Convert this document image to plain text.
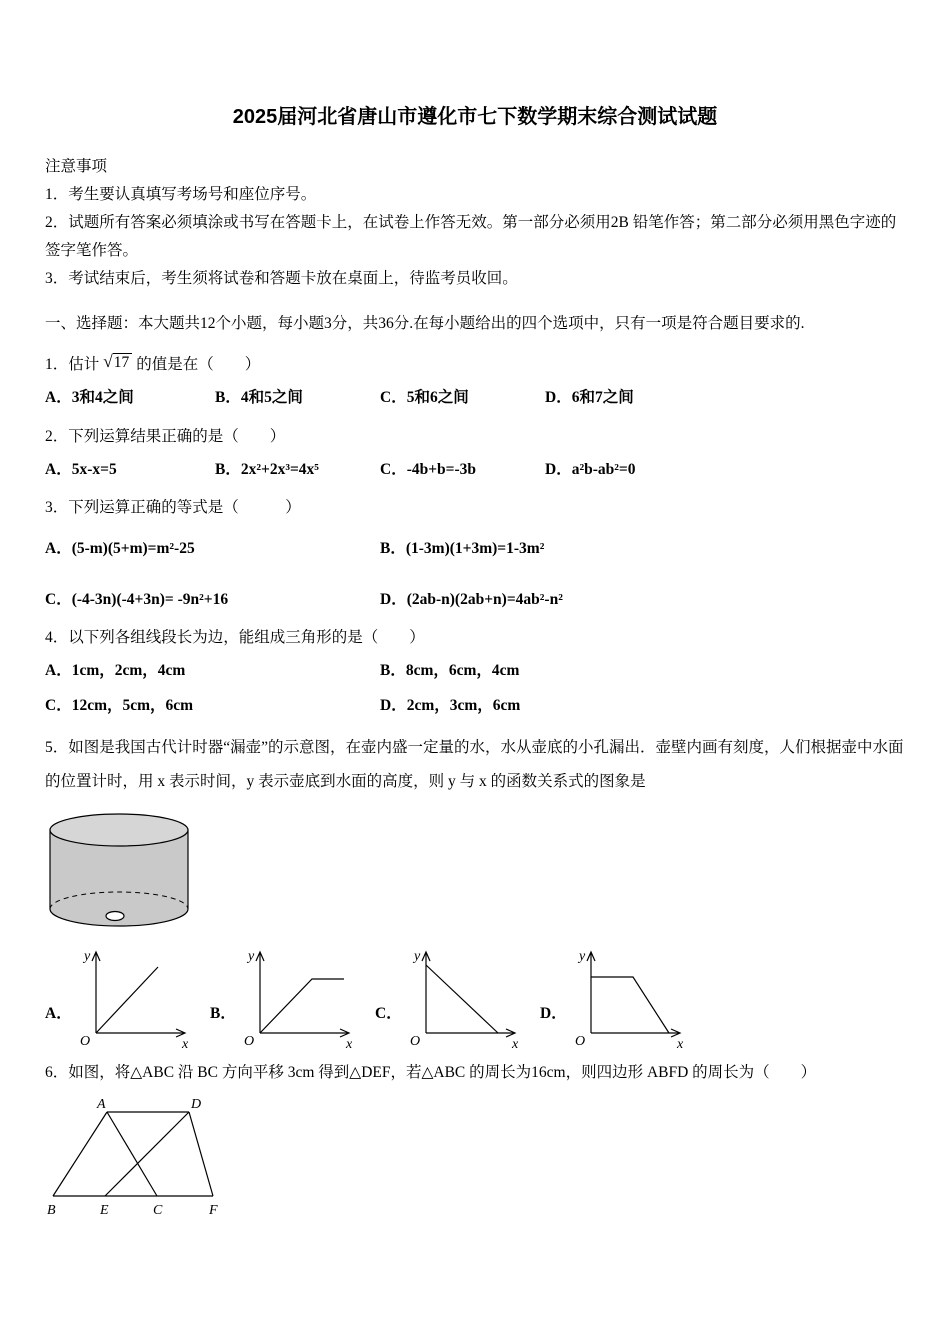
2025届河北省唐山市遵化市七下数学期末综合测试试题
注意事项
1．考生要认真填写考场号和座位序号。
2．试题所有答案必须填涂或书写在答题卡上，在试卷上作答无效。第一部分必须用2B 铅笔作答；第二部分必须用黑色字迹的签字笔作答。
3．考试结束后，考生须将试卷和答题卡放在桌面上，待监考员收回。
一、选择题：本大题共12个小题，每小题3分，共36分.在每小题给出的四个选项中，只有一项是符合题目要求的.
1．估计 √17 的值是在（　　）
A．3和4之间	B．4和5之间	C．5和6之间	D．6和7之间
2．下列运算结果正确的是（　　）
A．5x-x=5	B．2x²+2x³=4x⁵	C．-4b+b=-3b	D．a²b-ab²=0
3．下列运算正确的等式是（　　　）
A．(5-m)(5+m)=m²-25	B．(1-3m)(1+3m)=1-3m²
C．(-4-3n)(-4+3n)= -9n²+16	D．(2ab-n)(2ab+n)=4ab²-n²
4．以下列各组线段长为边，能组成三角形的是（　　）
A．1cm，2cm，4cm	B．8cm，6cm，4cm
C．12cm，5cm，6cm	D．2cm，3cm，6cm
5．如图是我国古代计时器“漏壶”的示意图，在壶内盛一定量的水，水从壶底的小孔漏出．壶壁内画有刻度，人们根据壶中水面的位置计时，用 x 表示时间，y 表示壶底到水面的高度，则 y 与 x 的函数关系式的图象是
A．
y
x
O
B．
y
x
O
C．
y
x
O
D．
y
x
O
6．如图，将△ABC 沿 BC 方向平移 3cm 得到△DEF，若△ABC 的周长为16cm，则四边形 ABFD 的周长为（　　）
A	D
B	E	C	F
